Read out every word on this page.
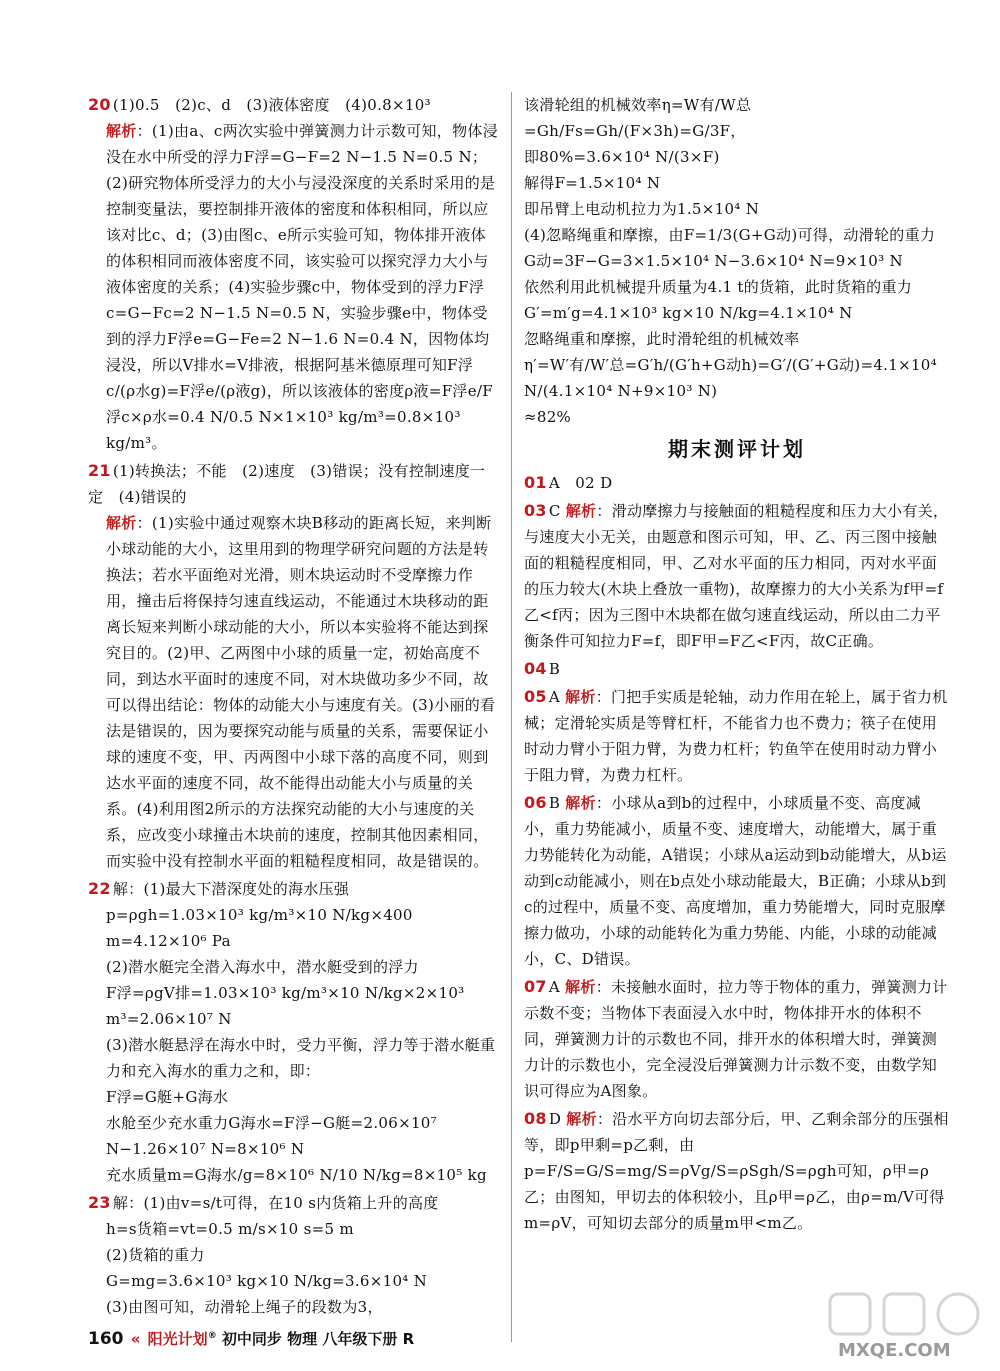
20 (1)0.5　(2)c、d　(3)液体密度　(4)0.8×10³

解析：(1)由a、c两次实验中弹簧测力计示数可知，物体浸没在水中所受的浮力F浮=G−F=2 N−1.5 N=0.5 N；(2)研究物体所受浮力的大小与浸没深度的关系时采用的是控制变量法，要控制排开液体的密度和体积相同，所以应该对比c、d；(3)由图c、e所示实验可知，物体排开液体的体积相同而液体密度不同，该实验可以探究浮力大小与液体密度的关系；(4)实验步骤c中，物体受到的浮力F浮c=G−Fc=2 N−1.5 N=0.5 N，实验步骤e中，物体受到的浮力F浮e=G−Fe=2 N−1.6 N=0.4 N，因物体均浸没，所以V排水=V排液，根据阿基米德原理可知F浮c/(ρ水g)=F浮e/(ρ液g)，所以该液体的密度ρ液=F浮e/F浮c×ρ水=0.4 N/0.5 N×1×10³ kg/m³=0.8×10³ kg/m³。

21 (1)转换法；不能　(2)速度　(3)错误；没有控制速度一定　(4)错误的

解析：(1)实验中通过观察木块B移动的距离长短，来判断小球动能的大小，这里用到的物理学研究问题的方法是转换法；若水平面绝对光滑，则木块运动时不受摩擦力作用，撞击后将保持匀速直线运动，不能通过木块移动的距离长短来判断小球动能的大小，所以本实验将不能达到探究目的。(2)甲、乙两图中小球的质量一定，初始高度不同，到达水平面时的速度不同，对木块做功多少不同，故可以得出结论：物体的动能大小与速度有关。(3)小丽的看法是错误的，因为要探究动能与质量的关系，需要保证小球的速度不变，甲、丙两图中小球下落的高度不同，则到达水平面的速度不同，故不能得出动能大小与质量的关系。(4)利用图2所示的方法探究动能的大小与速度的关系，应改变小球撞击木块前的速度，控制其他因素相同，而实验中没有控制水平面的粗糙程度相同，故是错误的。

22 解：(1)最大下潜深度处的海水压强

p=ρgh=1.03×10³ kg/m³×10 N/kg×400 m=4.12×10⁶ Pa

(2)潜水艇完全潜入海水中，潜水艇受到的浮力

F浮=ρgV排=1.03×10³ kg/m³×10 N/kg×2×10³ m³=2.06×10⁷ N

(3)潜水艇悬浮在海水中时，受力平衡，浮力等于潜水艇重力和充入海水的重力之和，即：

F浮=G艇+G海水

水舱至少充水重力G海水=F浮−G艇=2.06×10⁷ N−1.26×10⁷ N=8×10⁶ N

充水质量m=G海水/g=8×10⁶ N/10 N/kg=8×10⁵ kg

23 解：(1)由v=s/t可得，在10 s内货箱上升的高度

h=s货箱=vt=0.5 m/s×10 s=5 m

(2)货箱的重力

G=mg=3.6×10³ kg×10 N/kg=3.6×10⁴ N

(3)由图可知，动滑轮上绳子的段数为3，

该滑轮组的机械效率η=W有/W总=Gh/Fs=Gh/(F×3h)=G/3F，

即80%=3.6×10⁴ N/(3×F)

解得F=1.5×10⁴ N

即吊臂上电动机拉力为1.5×10⁴ N

(4)忽略绳重和摩擦，由F=1/3(G+G动)可得，动滑轮的重力

G动=3F−G=3×1.5×10⁴ N−3.6×10⁴ N=9×10³ N

依然利用此机械提升质量为4.1 t的货箱，此时货箱的重力

G′=m′g=4.1×10³ kg×10 N/kg=4.1×10⁴ N

忽略绳重和摩擦，此时滑轮组的机械效率

η′=W′有/W′总=G′h/(G′h+G动h)=G′/(G′+G动)=4.1×10⁴ N/(4.1×10⁴ N+9×10³ N)

≈82%

期末测评计划

01 A　02 D

03 C 解析：滑动摩擦力与接触面的粗糙程度和压力大小有关，与速度大小无关，由题意和图示可知，甲、乙、丙三图中接触面的粗糙程度相同，甲、乙对水平面的压力相同，丙对水平面的压力较大(木块上叠放一重物)，故摩擦力的大小关系为f甲=f乙<f丙；因为三图中木块都在做匀速直线运动，所以由二力平衡条件可知拉力F=f，即F甲=F乙<F丙，故C正确。

04 B

05 A 解析：门把手实质是轮轴，动力作用在轮上，属于省力机械；定滑轮实质是等臂杠杆，不能省力也不费力；筷子在使用时动力臂小于阻力臂，为费力杠杆；钓鱼竿在使用时动力臂小于阻力臂，为费力杠杆。

06 B 解析：小球从a到b的过程中，小球质量不变、高度减小，重力势能减小，质量不变、速度增大，动能增大，属于重力势能转化为动能，A错误；小球从a运动到b动能增大，从b运动到c动能减小，则在b点处小球动能最大，B正确；小球从b到c的过程中，质量不变、高度增加，重力势能增大，同时克服摩擦力做功，小球的动能转化为重力势能、内能，小球的动能减小，C、D错误。

07 A 解析：未接触水面时，拉力等于物体的重力，弹簧测力计示数不变；当物体下表面浸入水中时，物体排开水的体积不同，弹簧测力计的示数也不同，排开水的体积增大时，弹簧测力计的示数也小，完全浸没后弹簧测力计示数不变，由数学知识可得应为A图象。

08 D 解析：沿水平方向切去部分后，甲、乙剩余部分的压强相等，即p甲剩=p乙剩，由p=F/S=G/S=mg/S=ρVg/S=ρSgh/S=ρgh可知，ρ甲=ρ乙；由图知，甲切去的体积较小，且ρ甲=ρ乙，由ρ=m/V可得m=ρV，可知切去部分的质量m甲<m乙。

160 « 阳光计划® 初中同步 物理 八年级下册 R
MXQE.COM
